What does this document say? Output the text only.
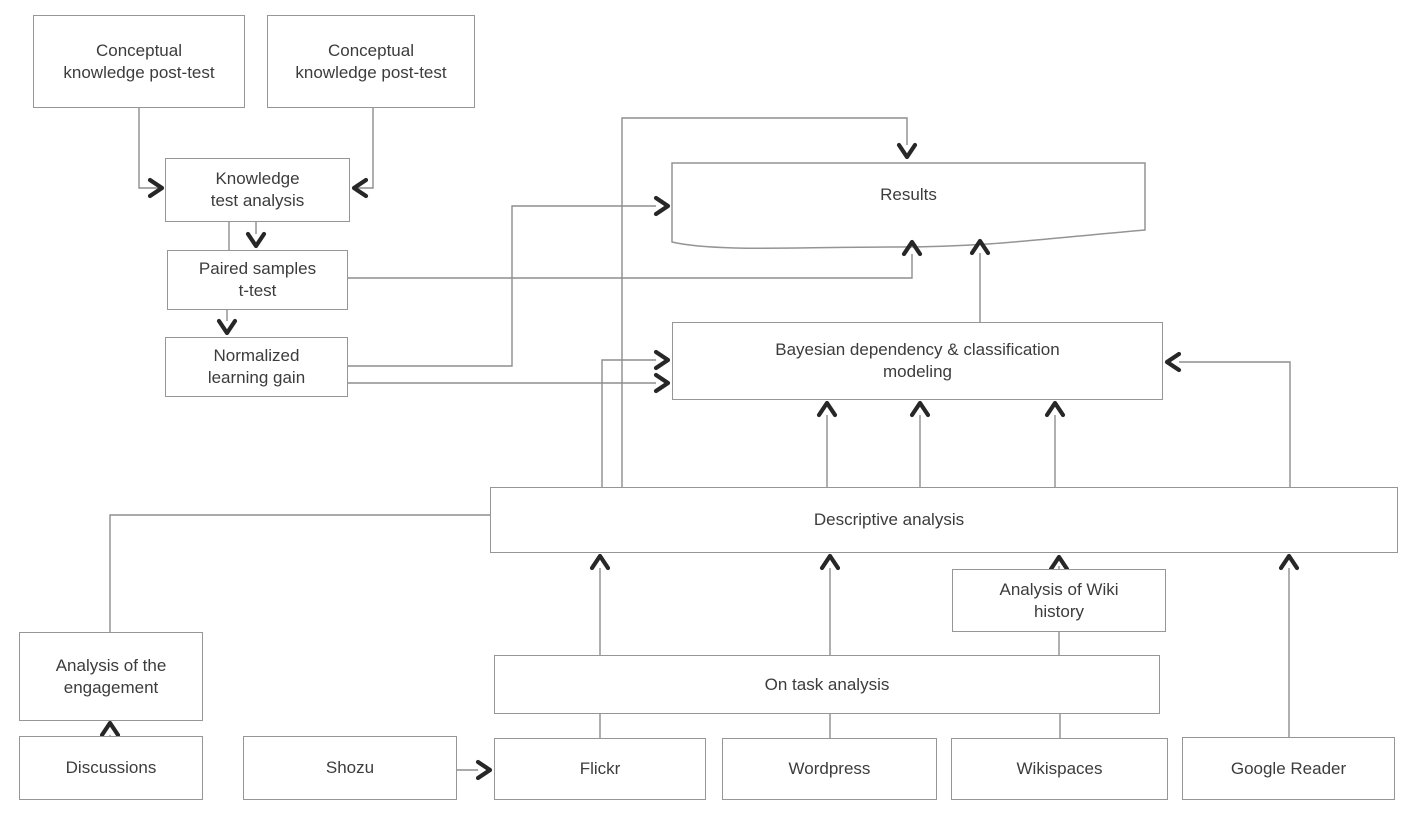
Conceptual knowledge post-test
Conceptual knowledge post-test
Knowledge test analysis
Paired samples t-test
Normalized learning gain
Results
Bayesian dependency & classification modeling
Descriptive analysis
Analysis of Wiki history
On task analysis
Analysis of the engagement
Discussions	Shozu	Flickr	Wordpress	Wikispaces	Google Reader
